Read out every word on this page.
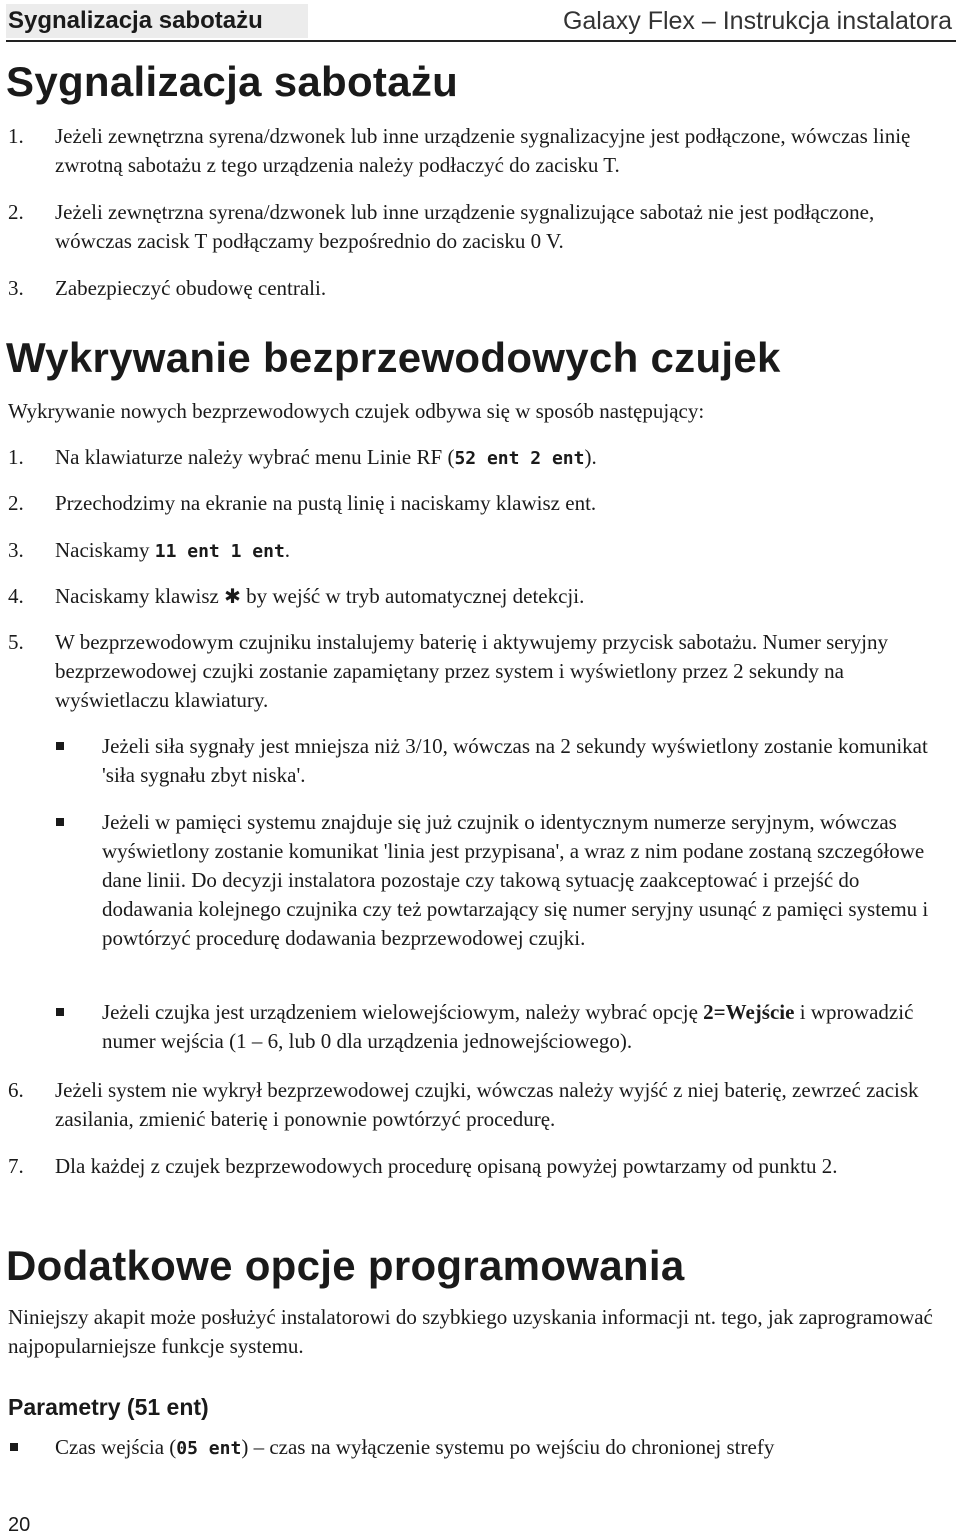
Sygnalizacja sabotażu	Galaxy Flex – Instrukcja instalatora
Sygnalizacja sabotażu
1. Jeżeli zewnętrzna syrena/dzwonek lub inne urządzenie sygnalizacyjne jest podłączone, wówczas linię zwrotną sabotażu z tego urządzenia należy podłaczyć do zacisku T.
2. Jeżeli zewnętrzna syrena/dzwonek lub inne urządzenie sygnalizujące sabotaż nie jest podłączone, wówczas zacisk T podłączamy bezpośrednio do zacisku 0 V.
3. Zabezpieczyć obudowę centrali.
Wykrywanie bezprzewodowych czujek
Wykrywanie nowych bezprzewodowych czujek odbywa się w sposób następujący:
1. Na klawiaturze należy wybrać menu Linie RF (52 ent 2 ent).
2. Przechodzimy na ekranie na pustą linię i naciskamy klawisz ent.
3. Naciskamy 11 ent 1 ent.
4. Naciskamy klawisz ✱ by wejść w tryb automatycznej detekcji.
5. W bezprzewodowym czujniku instalujemy baterię i aktywujemy przycisk sabotażu. Numer seryjny bezprzewodowej czujki zostanie zapamiętany przez system i wyświetlony przez 2 sekundy na wyświetlaczu klawiatury.
Jeżeli siła sygnały jest mniejsza niż 3/10, wówczas na 2 sekundy wyświetlony zostanie komunikat 'siła sygnału zbyt niska'.
Jeżeli w pamięci systemu znajduje się już czujnik o identycznym numerze seryjnym, wówczas wyświetlony zostanie komunikat 'linia jest przypisana', a wraz z nim podane zostaną szczegółowe dane linii. Do decyzji instalatora pozostaje czy takową sytuację zaakceptować i przejść do dodawania kolejnego czujnika czy też powtarzający się numer seryjny usunąć z pamięci systemu i powtórzyć procedurę dodawania bezprzewodowej czujki.
Jeżeli czujka jest urządzeniem wielowejściowym, należy wybrać opcję 2=Wejście i wprowadzić numer wejścia (1 – 6, lub 0 dla urządzenia jednowejściowego).
6. Jeżeli system nie wykrył bezprzewodowej czujki, wówczas należy wyjść z niej baterię, zewrzeć zacisk zasilania, zmienić baterię i ponownie powtórzyć procedurę.
7. Dla każdej z czujek bezprzewodowych procedurę opisaną powyżej powtarzamy od punktu 2.
Dodatkowe opcje programowania
Niniejszy akapit może posłużyć instalatorowi do szybkiego uzyskania informacji nt. tego, jak zaprogramować najpopularniejsze funkcje systemu.
Parametry (51 ent)
Czas wejścia (05 ent) – czas na wyłączenie systemu po wejściu do chronionej strefy
20
